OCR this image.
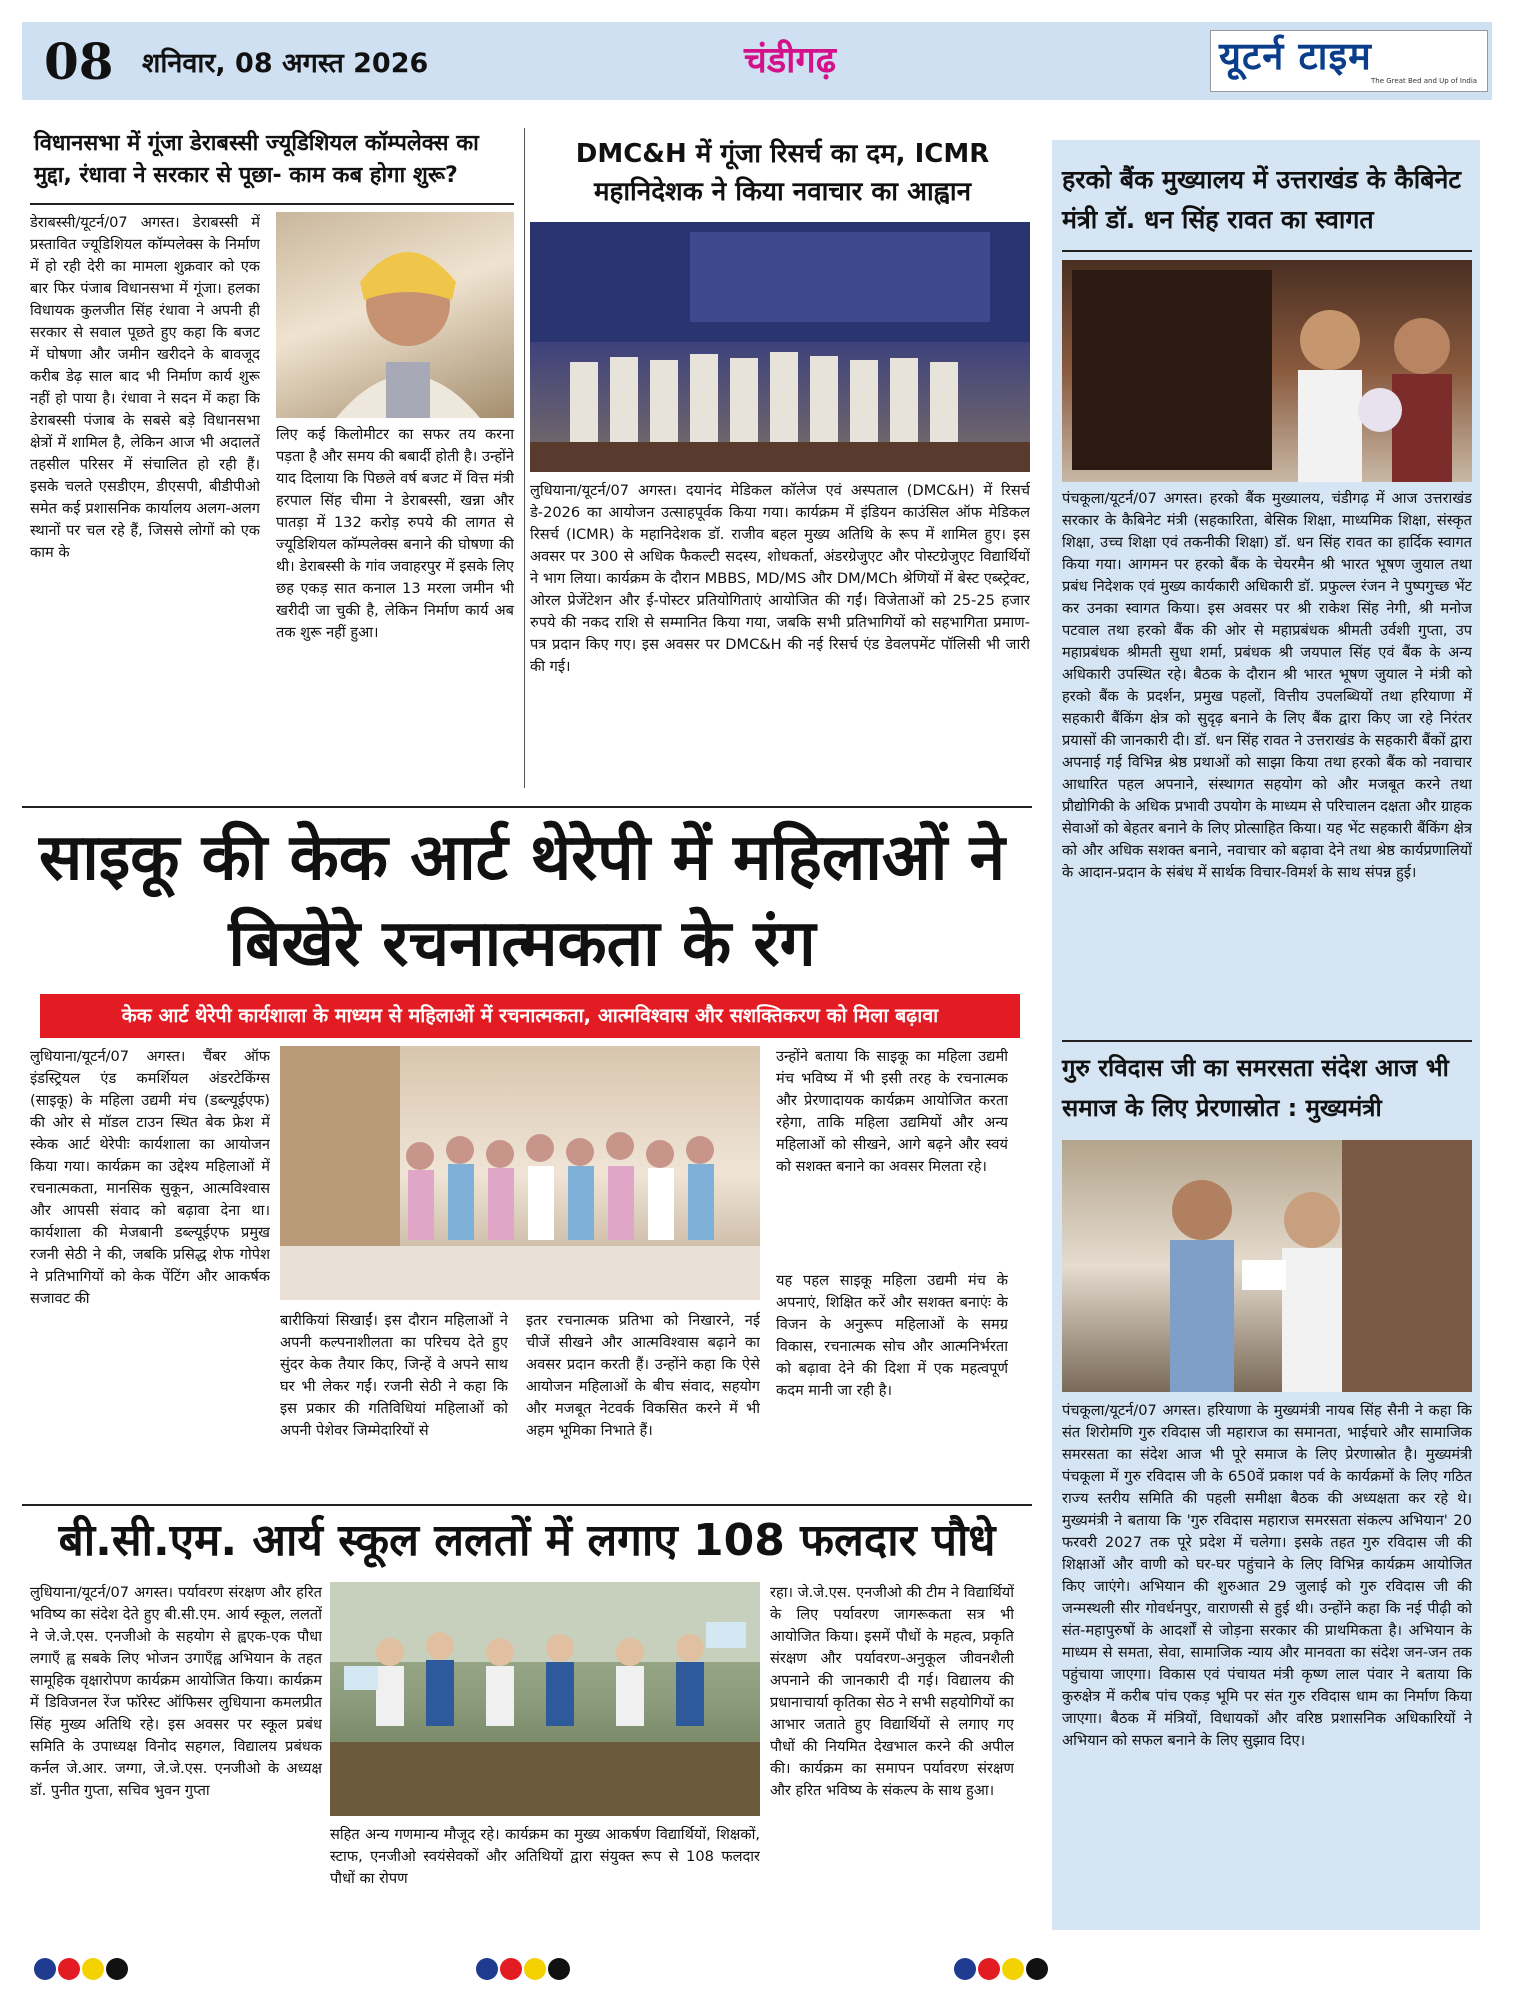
08 शनिवार, 08 अगस्त 2026	चंडीगढ़	यूटर्न टाइम
The Great Bed and Up of India
विधानसभा में गूंजा डेराबस्सी ज्यूडिशियल कॉम्पलेक्स का मुद्दा, रंधावा ने सरकार से पूछा- काम कब होगा शुरू?
डेराबस्सी/यूटर्न/07 अगस्त। डेराबस्सी में प्रस्तावित ज्यूडिशियल कॉम्पलेक्स के निर्माण में हो रही देरी का मामला शुक्रवार को एक बार फिर पंजाब विधानसभा में गूंजा। हलका विधायक कुलजीत सिंह रंधावा ने अपनी ही सरकार से सवाल पूछते हुए कहा कि बजट में घोषणा और जमीन खरीदने के बावजूद करीब डेढ़ साल बाद भी निर्माण कार्य शुरू नहीं हो पाया है। रंधावा ने सदन में कहा कि डेराबस्सी पंजाब के सबसे बड़े विधानसभा क्षेत्रों में शामिल है, लेकिन आज भी अदालतें तहसील परिसर में संचालित हो रही हैं। इसके चलते एसडीएम, डीएसपी, बीडीपीओ समेत कई प्रशासनिक कार्यालय अलग-अलग स्थानों पर चल रहे हैं, जिससे लोगों को एक काम के
लिए कई किलोमीटर का सफर तय करना पड़ता है और समय की बबार्दी होती है। उन्होंने याद दिलाया कि पिछले वर्ष बजट में वित्त मंत्री हरपाल सिंह चीमा ने डेराबस्सी, खन्ना और पातड़ा में 132 करोड़ रुपये की लागत से ज्यूडिशियल कॉम्पलेक्स बनाने की घोषणा की थी। डेराबस्सी के गांव जवाहरपुर में इसके लिए छह एकड़ सात कनाल 13 मरला जमीन भी खरीदी जा चुकी है, लेकिन निर्माण कार्य अब तक शुरू नहीं हुआ।
DMC&H में गूंजा रिसर्च का दम, ICMR महानिदेशक ने किया नवाचार का आह्वान
लुधियाना/यूटर्न/07 अगस्त। दयानंद मेडिकल कॉलेज एवं अस्पताल (DMC&H) में रिसर्च डे-2026 का आयोजन उत्साहपूर्वक किया गया। कार्यक्रम में इंडियन काउंसिल ऑफ मेडिकल रिसर्च (ICMR) के महानिदेशक डॉ. राजीव बहल मुख्य अतिथि के रूप में शामिल हुए। इस अवसर पर 300 से अधिक फैकल्टी सदस्य, शोधकर्ता, अंडरग्रेजुएट और पोस्टग्रेजुएट विद्यार्थियों ने भाग लिया। कार्यक्रम के दौरान MBBS, MD/MS और DM/MCh श्रेणियों में बेस्ट एब्स्ट्रेक्ट, ओरल प्रेजेंटेशन और ई-पोस्टर प्रतियोगिताएं आयोजित की गईं। विजेताओं को 25-25 हजार रुपये की नकद राशि से सम्मानित किया गया, जबकि सभी प्रतिभागियों को सहभागिता प्रमाण-पत्र प्रदान किए गए। इस अवसर पर DMC&H की नई रिसर्च एंड डेवलपमेंट पॉलिसी भी जारी की गई।
हरको बैंक मुख्यालय में उत्तराखंड के कैबिनेट मंत्री डॉ. धन सिंह रावत का स्वागत
पंचकूला/यूटर्न/07 अगस्त। हरको बैंक मुख्यालय, चंडीगढ़ में आज उत्तराखंड सरकार के कैबिनेट मंत्री (सहकारिता, बेसिक शिक्षा, माध्यमिक शिक्षा, संस्कृत शिक्षा, उच्च शिक्षा एवं तकनीकी शिक्षा) डॉ. धन सिंह रावत का हार्दिक स्वागत किया गया। आगमन पर हरको बैंक के चेयरमैन श्री भारत भूषण जुयाल तथा प्रबंध निदेशक एवं मुख्य कार्यकारी अधिकारी डॉ. प्रफुल्ल रंजन ने पुष्पगुच्छ भेंट कर उनका स्वागत किया। इस अवसर पर श्री राकेश सिंह नेगी, श्री मनोज पटवाल तथा हरको बैंक की ओर से महाप्रबंधक श्रीमती उर्वशी गुप्ता, उप महाप्रबंधक श्रीमती सुधा शर्मा, प्रबंधक श्री जयपाल सिंह एवं बैंक के अन्य अधिकारी उपस्थित रहे। बैठक के दौरान श्री भारत भूषण जुयाल ने मंत्री को हरको बैंक के प्रदर्शन, प्रमुख पहलों, वित्तीय उपलब्धियों तथा हरियाणा में सहकारी बैंकिंग क्षेत्र को सुदृढ़ बनाने के लिए बैंक द्वारा किए जा रहे निरंतर प्रयासों की जानकारी दी। डॉ. धन सिंह रावत ने उत्तराखंड के सहकारी बैंकों द्वारा अपनाई गई विभिन्न श्रेष्ठ प्रथाओं को साझा किया तथा हरको बैंक को नवाचार आधारित पहल अपनाने, संस्थागत सहयोग को और मजबूत करने तथा प्रौद्योगिकी के अधिक प्रभावी उपयोग के माध्यम से परिचालन दक्षता और ग्राहक सेवाओं को बेहतर बनाने के लिए प्रोत्साहित किया। यह भेंट सहकारी बैंकिंग क्षेत्र को और अधिक सशक्त बनाने, नवाचार को बढ़ावा देने तथा श्रेष्ठ कार्यप्रणालियों के आदान-प्रदान के संबंध में सार्थक विचार-विमर्श के साथ संपन्न हुई।
गुरु रविदास जी का समरसता संदेश आज भी समाज के लिए प्रेरणास्रोत : मुख्यमंत्री
पंचकूला/यूटर्न/07 अगस्त। हरियाणा के मुख्यमंत्री नायब सिंह सैनी ने कहा कि संत शिरोमणि गुरु रविदास जी महाराज का समानता, भाईचारे और सामाजिक समरसता का संदेश आज भी पूरे समाज के लिए प्रेरणास्रोत है। मुख्यमंत्री पंचकूला में गुरु रविदास जी के 650वें प्रकाश पर्व के कार्यक्रमों के लिए गठित राज्य स्तरीय समिति की पहली समीक्षा बैठक की अध्यक्षता कर रहे थे। मुख्यमंत्री ने बताया कि 'गुरु रविदास महाराज समरसता संकल्प अभियान' 20 फरवरी 2027 तक पूरे प्रदेश में चलेगा। इसके तहत गुरु रविदास जी की शिक्षाओं और वाणी को घर-घर पहुंचाने के लिए विभिन्न कार्यक्रम आयोजित किए जाएंगे। अभियान की शुरुआत 29 जुलाई को गुरु रविदास जी की जन्मस्थली सीर गोवर्धनपुर, वाराणसी से हुई थी। उन्होंने कहा कि नई पीढ़ी को संत-महापुरुषों के आदर्शों से जोड़ना सरकार की प्राथमिकता है। अभियान के माध्यम से समता, सेवा, सामाजिक न्याय और मानवता का संदेश जन-जन तक पहुंचाया जाएगा। विकास एवं पंचायत मंत्री कृष्ण लाल पंवार ने बताया कि कुरुक्षेत्र में करीब पांच एकड़ भूमि पर संत गुरु रविदास धाम का निर्माण किया जाएगा। बैठक में मंत्रियों, विधायकों और वरिष्ठ प्रशासनिक अधिकारियों ने अभियान को सफल बनाने के लिए सुझाव दिए।
साइकू की केक आर्ट थेरेपी में महिलाओं ने बिखेरे रचनात्मकता के रंग
केक आर्ट थेरेपी कार्यशाला के माध्यम से महिलाओं में रचनात्मकता, आत्मविश्वास और सशक्तिकरण को मिला बढ़ावा
लुधियाना/यूटर्न/07 अगस्त। चैंबर ऑफ इंडस्ट्रियल एंड कमर्शियल अंडरटेकिंग्स (साइकू) के महिला उद्यमी मंच (डब्ल्यूईएफ) की ओर से मॉडल टाउन स्थित बेक फ्रेश में स्केक आर्ट थेरेपीः कार्यशाला का आयोजन किया गया। कार्यक्रम का उद्देश्य महिलाओं में रचनात्मकता, मानसिक सुकून, आत्मविश्वास और आपसी संवाद को बढ़ावा देना था। कार्यशाला की मेजबानी डब्ल्यूईएफ प्रमुख रजनी सेठी ने की, जबकि प्रसिद्ध शेफ गोपेश ने प्रतिभागियों को केक पेंटिंग और आकर्षक सजावट की
बारीकियां सिखाईं। इस दौरान महिलाओं ने अपनी कल्पनाशीलता का परिचय देते हुए सुंदर केक तैयार किए, जिन्हें वे अपने साथ घर भी लेकर गईं। रजनी सेठी ने कहा कि इस प्रकार की गतिविधियां महिलाओं को अपनी पेशेवर जिम्मेदारियों से
इतर रचनात्मक प्रतिभा को निखारने, नई चीजें सीखने और आत्मविश्वास बढ़ाने का अवसर प्रदान करती हैं। उन्होंने कहा कि ऐसे आयोजन महिलाओं के बीच संवाद, सहयोग और मजबूत नेटवर्क विकसित करने में भी अहम भूमिका निभाते हैं।
उन्होंने बताया कि साइकू का महिला उद्यमी मंच भविष्य में भी इसी तरह के रचनात्मक और प्रेरणादायक कार्यक्रम आयोजित करता रहेगा, ताकि महिला उद्यमियों और अन्य महिलाओं को सीखने, आगे बढ़ने और स्वयं को सशक्त बनाने का अवसर मिलता रहे।
यह पहल साइकू महिला उद्यमी मंच के अपनाएं, शिक्षित करें और सशक्त बनाएंः के विजन के अनुरूप महिलाओं के समग्र विकास, रचनात्मक सोच और आत्मनिर्भरता को बढ़ावा देने की दिशा में एक महत्वपूर्ण कदम मानी जा रही है।
बी.सी.एम. आर्य स्कूल ललतों में लगाए 108 फलदार पौधे
लुधियाना/यूटर्न/07 अगस्त। पर्यावरण संरक्षण और हरित भविष्य का संदेश देते हुए बी.सी.एम. आर्य स्कूल, ललतों ने जे.जे.एस. एनजीओ के सहयोग से ह्वएक-एक पौधा लगाएँ ह्व सबके लिए भोजन उगाएँह्व अभियान के तहत सामूहिक वृक्षारोपण कार्यक्रम आयोजित किया। कार्यक्रम में डिविजनल रेंज फॉरेस्ट ऑफिसर लुधियाना कमलप्रीत सिंह मुख्य अतिथि रहे। इस अवसर पर स्कूल प्रबंध समिति के उपाध्यक्ष विनोद सहगल, विद्यालय प्रबंधक कर्नल जे.आर. जग्गा, जे.जे.एस. एनजीओ के अध्यक्ष डॉ. पुनीत गुप्ता, सचिव भुवन गुप्ता
सहित अन्य गणमान्य मौजूद रहे। कार्यक्रम का मुख्य आकर्षण विद्यार्थियों, शिक्षकों, स्टाफ, एनजीओ स्वयंसेवकों और अतिथियों द्वारा संयुक्त रूप से 108 फलदार पौधों का रोपण
रहा। जे.जे.एस. एनजीओ की टीम ने विद्यार्थियों के लिए पर्यावरण जागरूकता सत्र भी आयोजित किया। इसमें पौधों के महत्व, प्रकृति संरक्षण और पर्यावरण-अनुकूल जीवनशैली अपनाने की जानकारी दी गई। विद्यालय की प्रधानाचार्या कृतिका सेठ ने सभी सहयोगियों का आभार जताते हुए विद्यार्थियों से लगाए गए पौधों की नियमित देखभाल करने की अपील की। कार्यक्रम का समापन पर्यावरण संरक्षण और हरित भविष्य के संकल्प के साथ हुआ।
